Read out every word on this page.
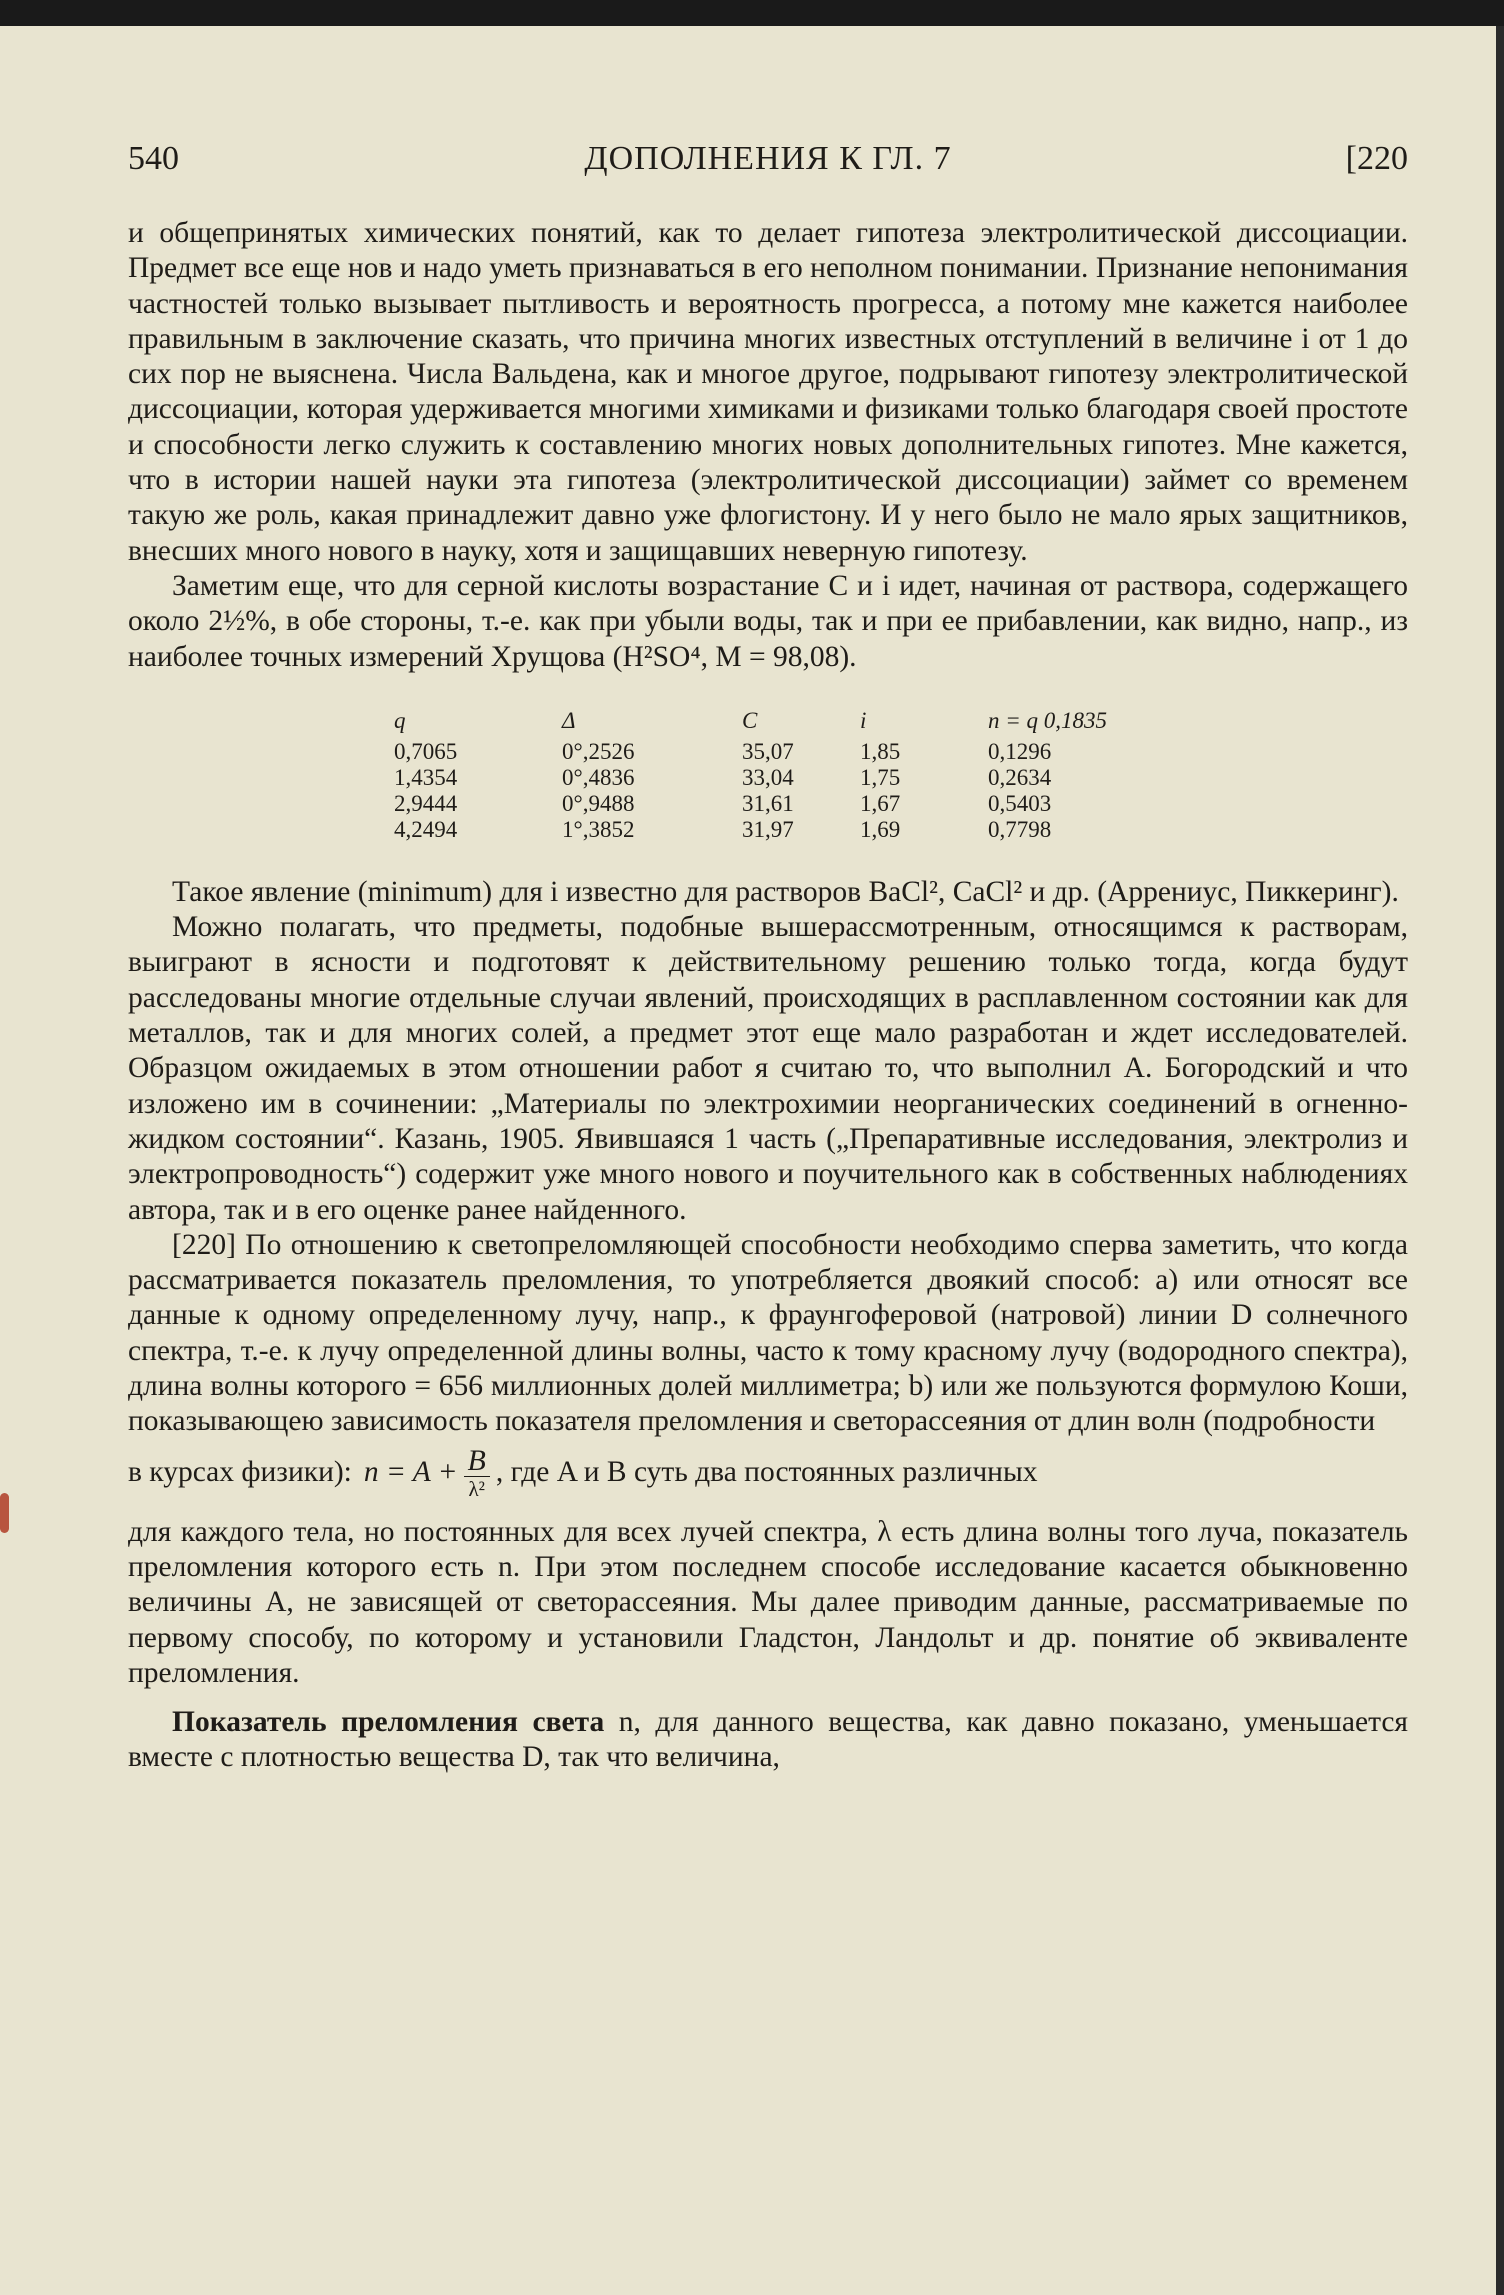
540	ДОПОЛНЕНИЯ К ГЛ. 7	[220

и общепринятых химических понятий, как то делает гипотеза электролитической диссоциации. Предмет все еще нов и надо уметь признаваться в его неполном понимании. Признание непонимания частностей только вызывает пытливость и вероятность прогресса, а потому мне кажется наиболее правильным в заключение сказать, что причина многих известных отступлений в величине i от 1 до сих пор не выяснена. Числа Вальдена, как и многое другое, подрывают гипотезу электролитической диссоциации, которая удерживается многими химиками и физиками только благодаря своей простоте и способности легко служить к составлению многих новых дополнительных гипотез. Мне кажется, что в истории нашей науки эта гипотеза (электролитической диссоциации) займет со временем такую же роль, какая принадлежит давно уже флогистону. И у него было не мало ярых защитников, внесших много нового в науку, хотя и защищавших неверную гипотезу.

Заметим еще, что для серной кислоты возрастание C и i идет, начиная от раствора, содержащего около 2½%, в обе стороны, т.-е. как при убыли воды, так и при ее прибавлении, как видно, напр., из наиболее точных измерений Хрущова (H²SO⁴, M = 98,08).

q	Δ	C	i	n = q 0,1835
0,7065	0°,2526	35,07	1,85	0,1296
1,4354	0°,4836	33,04	1,75	0,2634
2,9444	0°,9488	31,61	1,67	0,5403
4,2494	1°,3852	31,97	1,69	0,7798

Такое явление (minimum) для i известно для растворов BaCl², CaCl² и др. (Аррениус, Пиккеринг).

Можно полагать, что предметы, подобные вышерассмотренным, относящимся к растворам, выиграют в ясности и подготовят к действительному решению только тогда, когда будут расследованы многие отдельные случаи явлений, происходящих в расплавленном состоянии как для металлов, так и для многих солей, а предмет этот еще мало разработан и ждет исследователей. Образцом ожидаемых в этом отношении работ я считаю то, что выполнил А. Богородский и что изложено им в сочинении: „Материалы по электрохимии неорганических соединений в огненно-жидком состоянии“. Казань, 1905. Явившаяся 1 часть („Препаративные исследования, электролиз и электропроводность“) содержит уже много нового и поучительного как в собственных наблюдениях автора, так и в его оценке ранее найденного.

[220] По отношению к светопреломляющей способности необходимо сперва заметить, что когда рассматривается показатель преломления, то употребляется двоякий способ: a) или относят все данные к одному определенному лучу, напр., к фраунгоферовой (натровой) линии D солнечного спектра, т.-е. к лучу определенной длины волны, часто к тому красному лучу (водородного спектра), длина волны которого = 656 миллионных долей миллиметра; b) или же пользуются формулою Коши, показывающею зависимость показателя преломления и светорассеяния от длин волн (подробности

в курсах физики): $n = A + \frac{B}{\text{λ²}}$ , где A и B суть два постоянных различных

для каждого тела, но постоянных для всех лучей спектра, λ есть длина волны того луча, показатель преломления которого есть n. При этом последнем способе исследование касается обыкновенно величины A, не зависящей от светорассеяния. Мы далее приводим данные, рассматриваемые по первому способу, по которому и установили Гладстон, Ландольт и др. понятие об эквиваленте преломления.

Показатель преломления света n, для данного вещества, как давно показано, уменьшается вместе с плотностью вещества D, так что величина,
